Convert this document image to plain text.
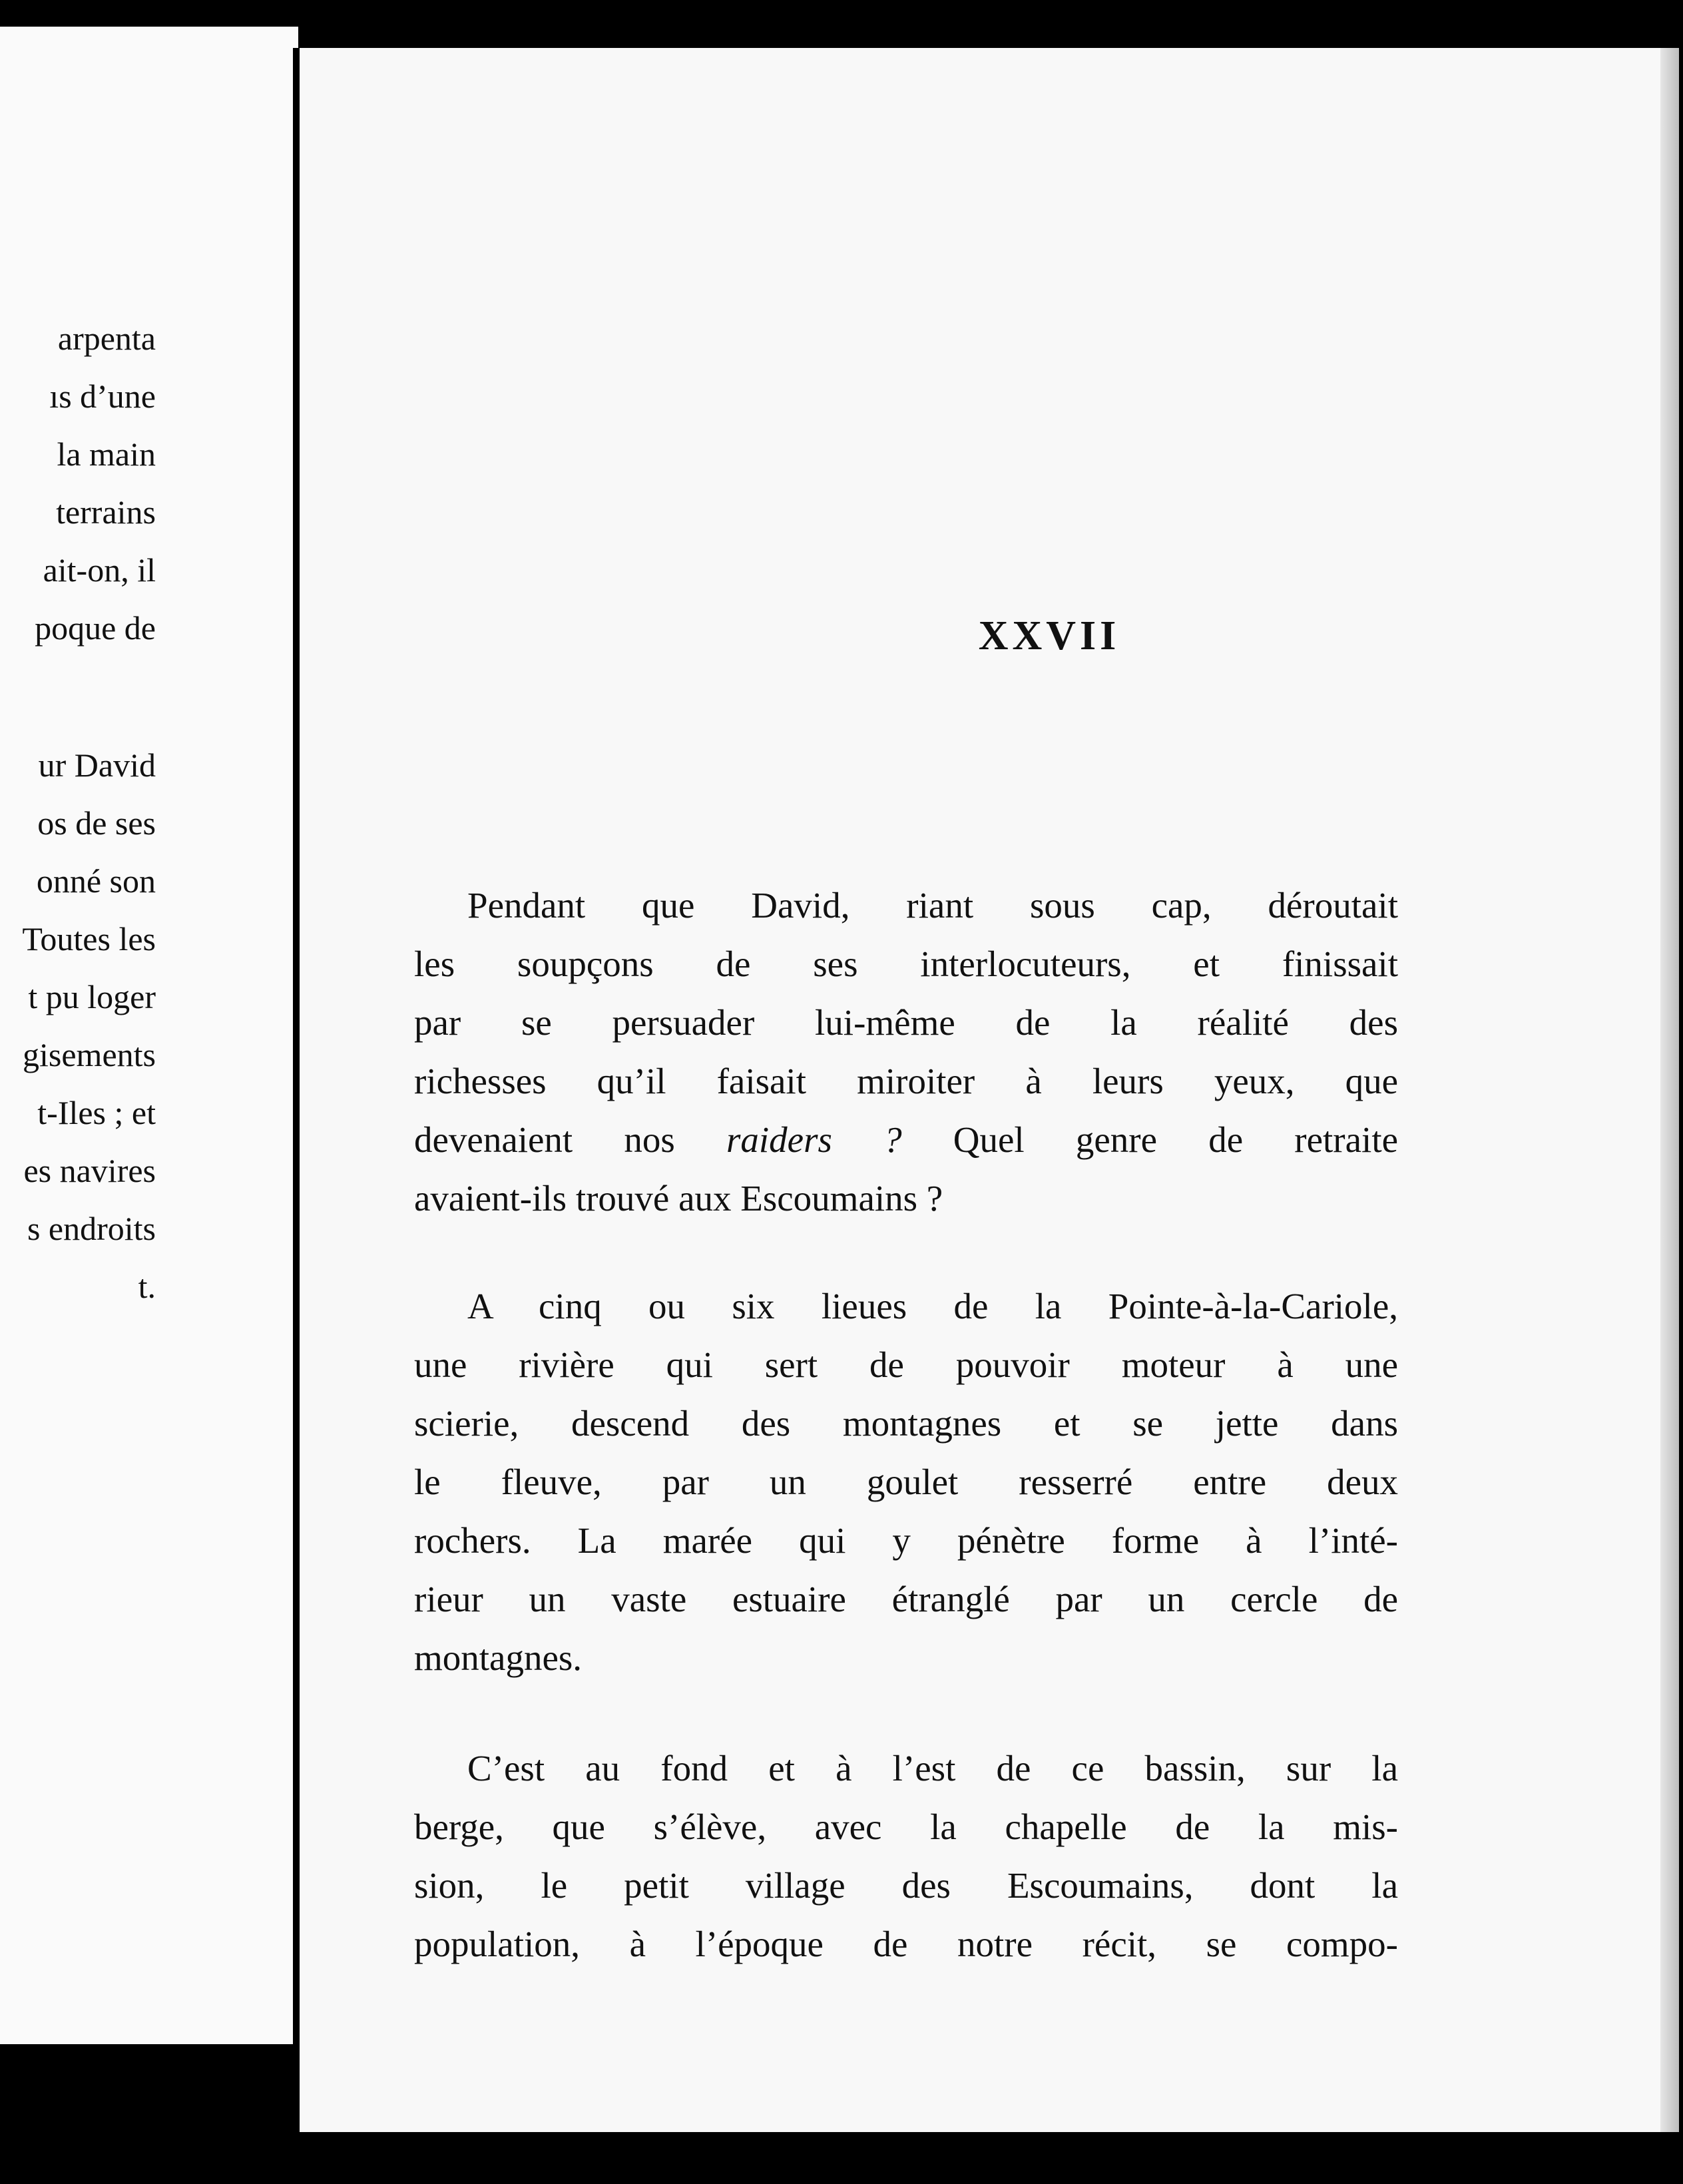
arpenta
ıs d’une
la main
terrains
ait-on, il
poque de
ur David
os de ses
onné son
Toutes les
t pu loger
gisements
t-Iles ; et
es navires
s endroits
t.
XXVII
Pendant que David, riant sous cap, déroutait
les soupçons de ses interlocuteurs, et finissait
par se persuader lui-même de la réalité des
richesses qu’il faisait miroiter à leurs yeux, que
devenaient nos raiders ? Quel genre de retraite
avaient-ils trouvé aux Escoumains ?
A cinq ou six lieues de la Pointe-à-la-Cariole,
une rivière qui sert de pouvoir moteur à une
scierie, descend des montagnes et se jette dans
le fleuve, par un goulet resserré entre deux
rochers. La marée qui y pénètre forme à l’inté-
rieur un vaste estuaire étranglé par un cercle de
montagnes.
C’est au fond et à l’est de ce bassin, sur la
berge, que s’élève, avec la chapelle de la mis-
sion, le petit village des Escoumains, dont la
population, à l’époque de notre récit, se compo-
